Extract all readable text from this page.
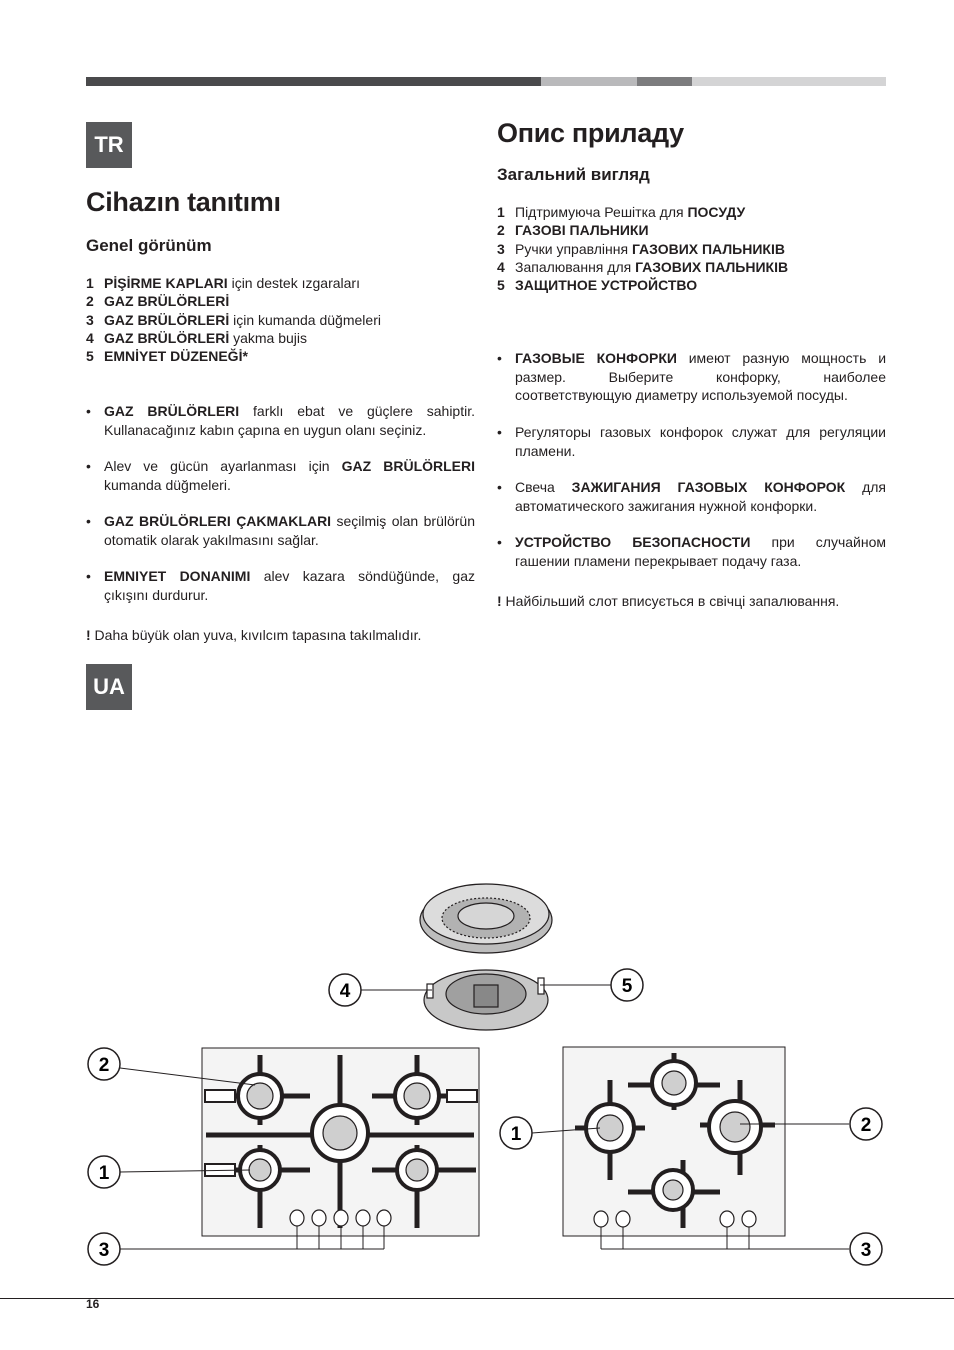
TR
Cihazın tanıtımı
Genel görünüm
1 PİŞİRME KAPLARI için destek ızgaraları
2 GAZ BRÜLÖRLERİ
3 GAZ BRÜLÖRLERİ için kumanda düğmeleri
4 GAZ BRÜLÖRLERİ yakma bujis
5 EMNİYET DÜZENEĞİ*
• GAZ BRÜLÖRLERI farklı ebat ve güçlere sahiptir. Kullanacağınız kabın çapına en uygun olanı seçiniz.
• Alev ve gücün ayarlanması için GAZ BRÜLÖRLERI kumanda düğmeleri.
• GAZ BRÜLÖRLERI ÇAKMAKLARI seçilmiş olan brülörün otomatik olarak yakılmasını sağlar.
• EMNIYET DONANIMI alev kazara söndüğünde, gaz çıkışını durdurur.
! Daha büyük olan yuva, kıvılcım tapasına takılmalıdır.
UA
Опис приладу
Загальний вигляд
1 Підтримуюча Решітка для ПОСУДУ
2 ГАЗОВІ ПАЛЬНИКИ
3 Ручки управління ГАЗОВИХ ПАЛЬНИКІВ
4 Запалювання для ГАЗОВИХ ПАЛЬНИКІВ
5 ЗАЩИТНОЕ УСТРОЙСТВО
• ГАЗОВЫЕ КОНФОРКИ имеют разную мощность и размер. Выберите конфорку, наиболее соответствующую диаметру используемой посуды.
• Регуляторы газовых конфорок служат для регуляции пламени.
• Свеча ЗАЖИГАНИЯ ГАЗОВЫХ КОНФОРОК для автоматического зажигания нужной конфорки.
• УСТРОЙСТВО БЕЗОПАСНОСТИ при случайном гашении пламени перекрывает подачу газа.
! Найбільший слот вписується в свічці запалювання.
4	5
2
1
3
1	2
3
16
